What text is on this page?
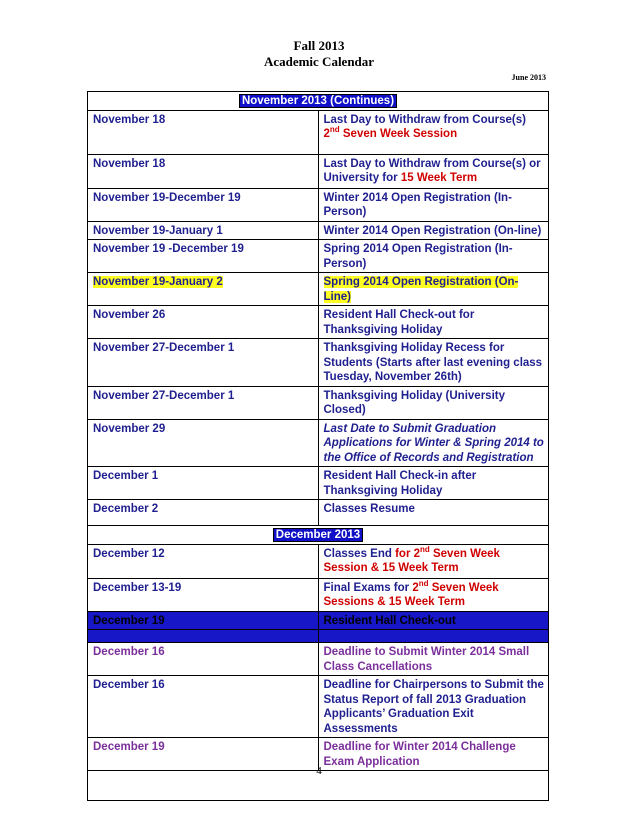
Fall 2013
Academic Calendar
June 2013
November 2013 (Continues)	
November 18	Last Day to Withdraw from Course(s) 2nd Seven Week Session
November 18	Last Day to Withdraw from Course(s) or University for 15 Week Term
November 19-December 19	Winter 2014 Open Registration (In-Person)
November 19-January 1	Winter 2014 Open Registration (On-line)
November 19 -December 19	Spring 2014 Open Registration (In-Person)
November 19-January 2	Spring 2014 Open Registration (On-Line)
November 26	Resident Hall Check-out for Thanksgiving Holiday
November 27-December 1	Thanksgiving Holiday Recess for Students (Starts after last evening class Tuesday, November 26th)
November 27-December 1	Thanksgiving Holiday (University Closed)
November 29	Last Date to Submit Graduation Applications for Winter & Spring 2014 to the Office of Records and Registration
December 1	Resident Hall Check-in after Thanksgiving Holiday
December 2	Classes Resume
December 2013	
December 12	Classes End for 2nd Seven Week Session & 15 Week Term
December 13-19	Final Exams for 2nd Seven Week Sessions & 15 Week Term
December 19	Resident Hall Check-out

December 16	Deadline to Submit Winter 2014 Small Class Cancellations
December 16	Deadline for Chairpersons to Submit the Status Report of fall 2013 Graduation Applicants’ Graduation Exit Assessments
December 19	Deadline for Winter 2014 Challenge Exam Application

4
